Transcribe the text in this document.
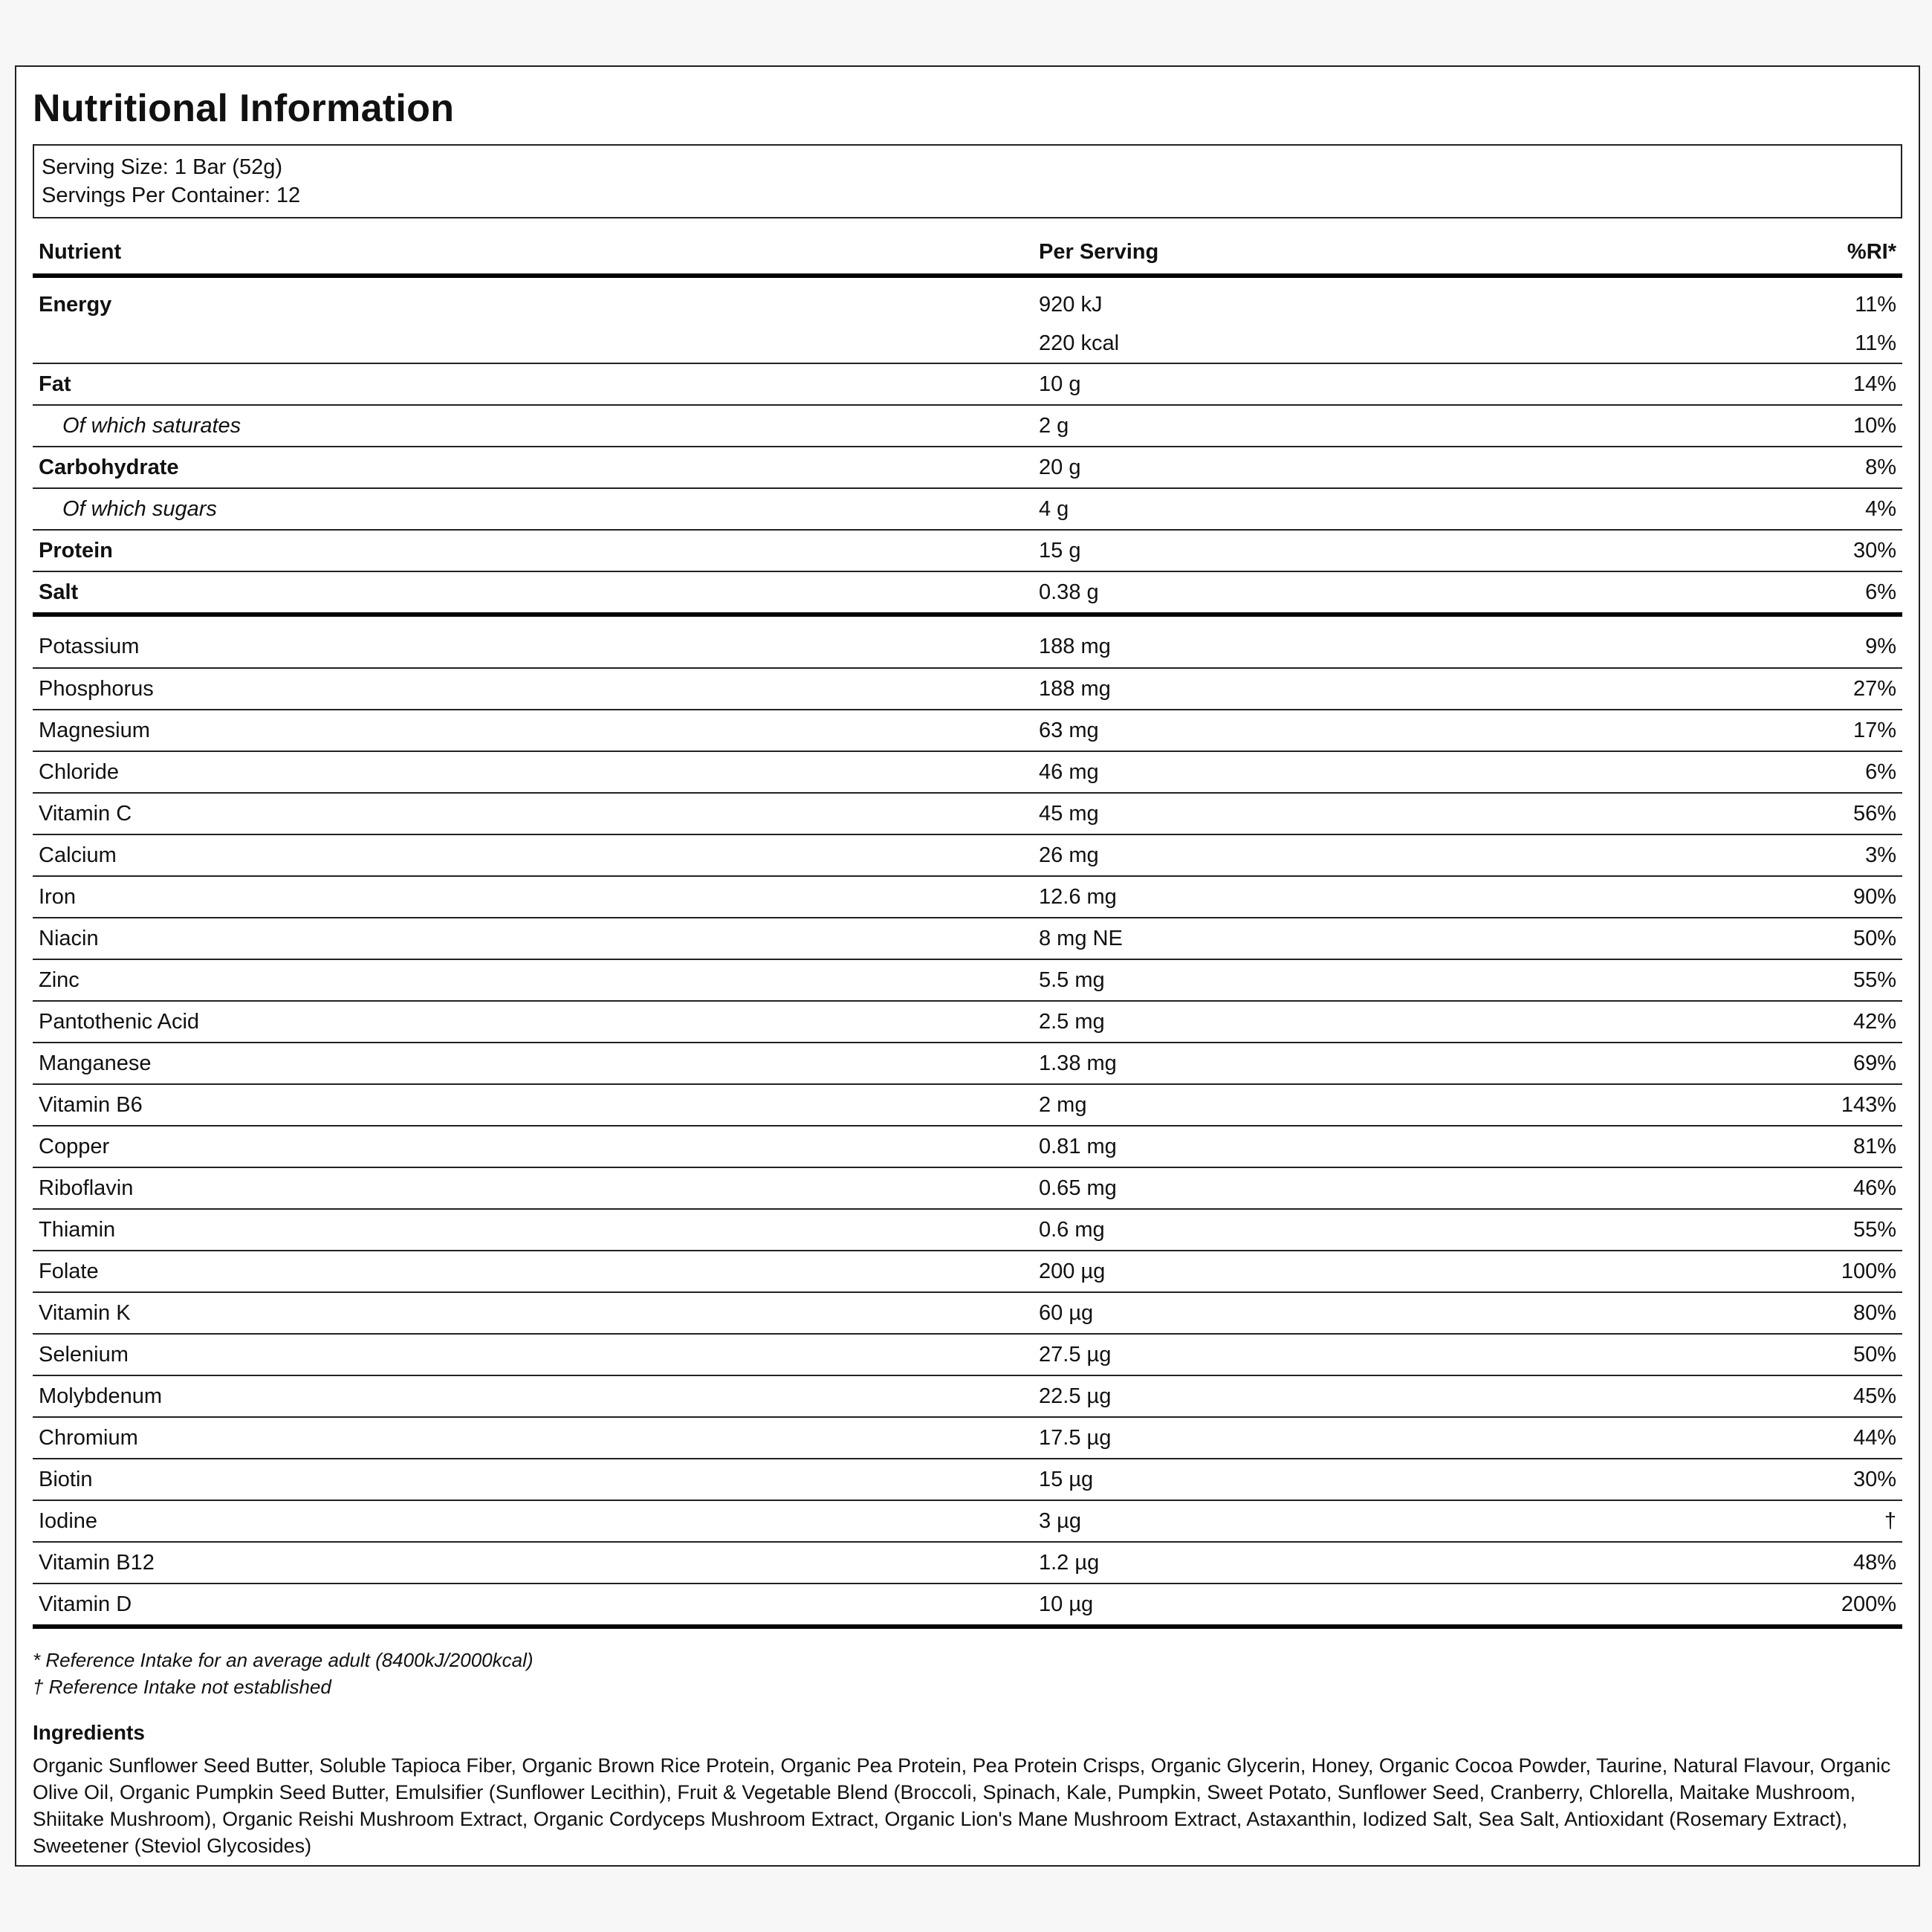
Nutritional Information
Serving Size: 1 Bar (52g)
Servings Per Container: 12
Nutrient	Per Serving	%RI*
Energy	920 kJ	11%
	220 kcal	11%
Fat	10 g	14%
Of which saturates	2 g	10%
Carbohydrate	20 g	8%
Of which sugars	4 g	4%
Protein	15 g	30%
Salt	0.38 g	6%
Potassium	188 mg	9%
Phosphorus	188 mg	27%
Magnesium	63 mg	17%
Chloride	46 mg	6%
Vitamin C	45 mg	56%
Calcium	26 mg	3%
Iron	12.6 mg	90%
Niacin	8 mg NE	50%
Zinc	5.5 mg	55%
Pantothenic Acid	2.5 mg	42%
Manganese	1.38 mg	69%
Vitamin B6	2 mg	143%
Copper	0.81 mg	81%
Riboflavin	0.65 mg	46%
Thiamin	0.6 mg	55%
Folate	200 µg	100%
Vitamin K	60 µg	80%
Selenium	27.5 µg	50%
Molybdenum	22.5 µg	45%
Chromium	17.5 µg	44%
Biotin	15 µg	30%
Iodine	3 µg	†
Vitamin B12	1.2 µg	48%
Vitamin D	10 µg	200%
* Reference Intake for an average adult (8400kJ/2000kcal)
† Reference Intake not established
Ingredients
Organic Sunflower Seed Butter, Soluble Tapioca Fiber, Organic Brown Rice Protein, Organic Pea Protein, Pea Protein Crisps, Organic Glycerin, Honey, Organic Cocoa Powder, Taurine, Natural Flavour, Organic Olive Oil, Organic Pumpkin Seed Butter, Emulsifier (Sunflower Lecithin), Fruit & Vegetable Blend (Broccoli, Spinach, Kale, Pumpkin, Sweet Potato, Sunflower Seed, Cranberry, Chlorella, Maitake Mushroom, Shiitake Mushroom), Organic Reishi Mushroom Extract, Organic Cordyceps Mushroom Extract, Organic Lion's Mane Mushroom Extract, Astaxanthin, Iodized Salt, Sea Salt, Antioxidant (Rosemary Extract), Sweetener (Steviol Glycosides)
